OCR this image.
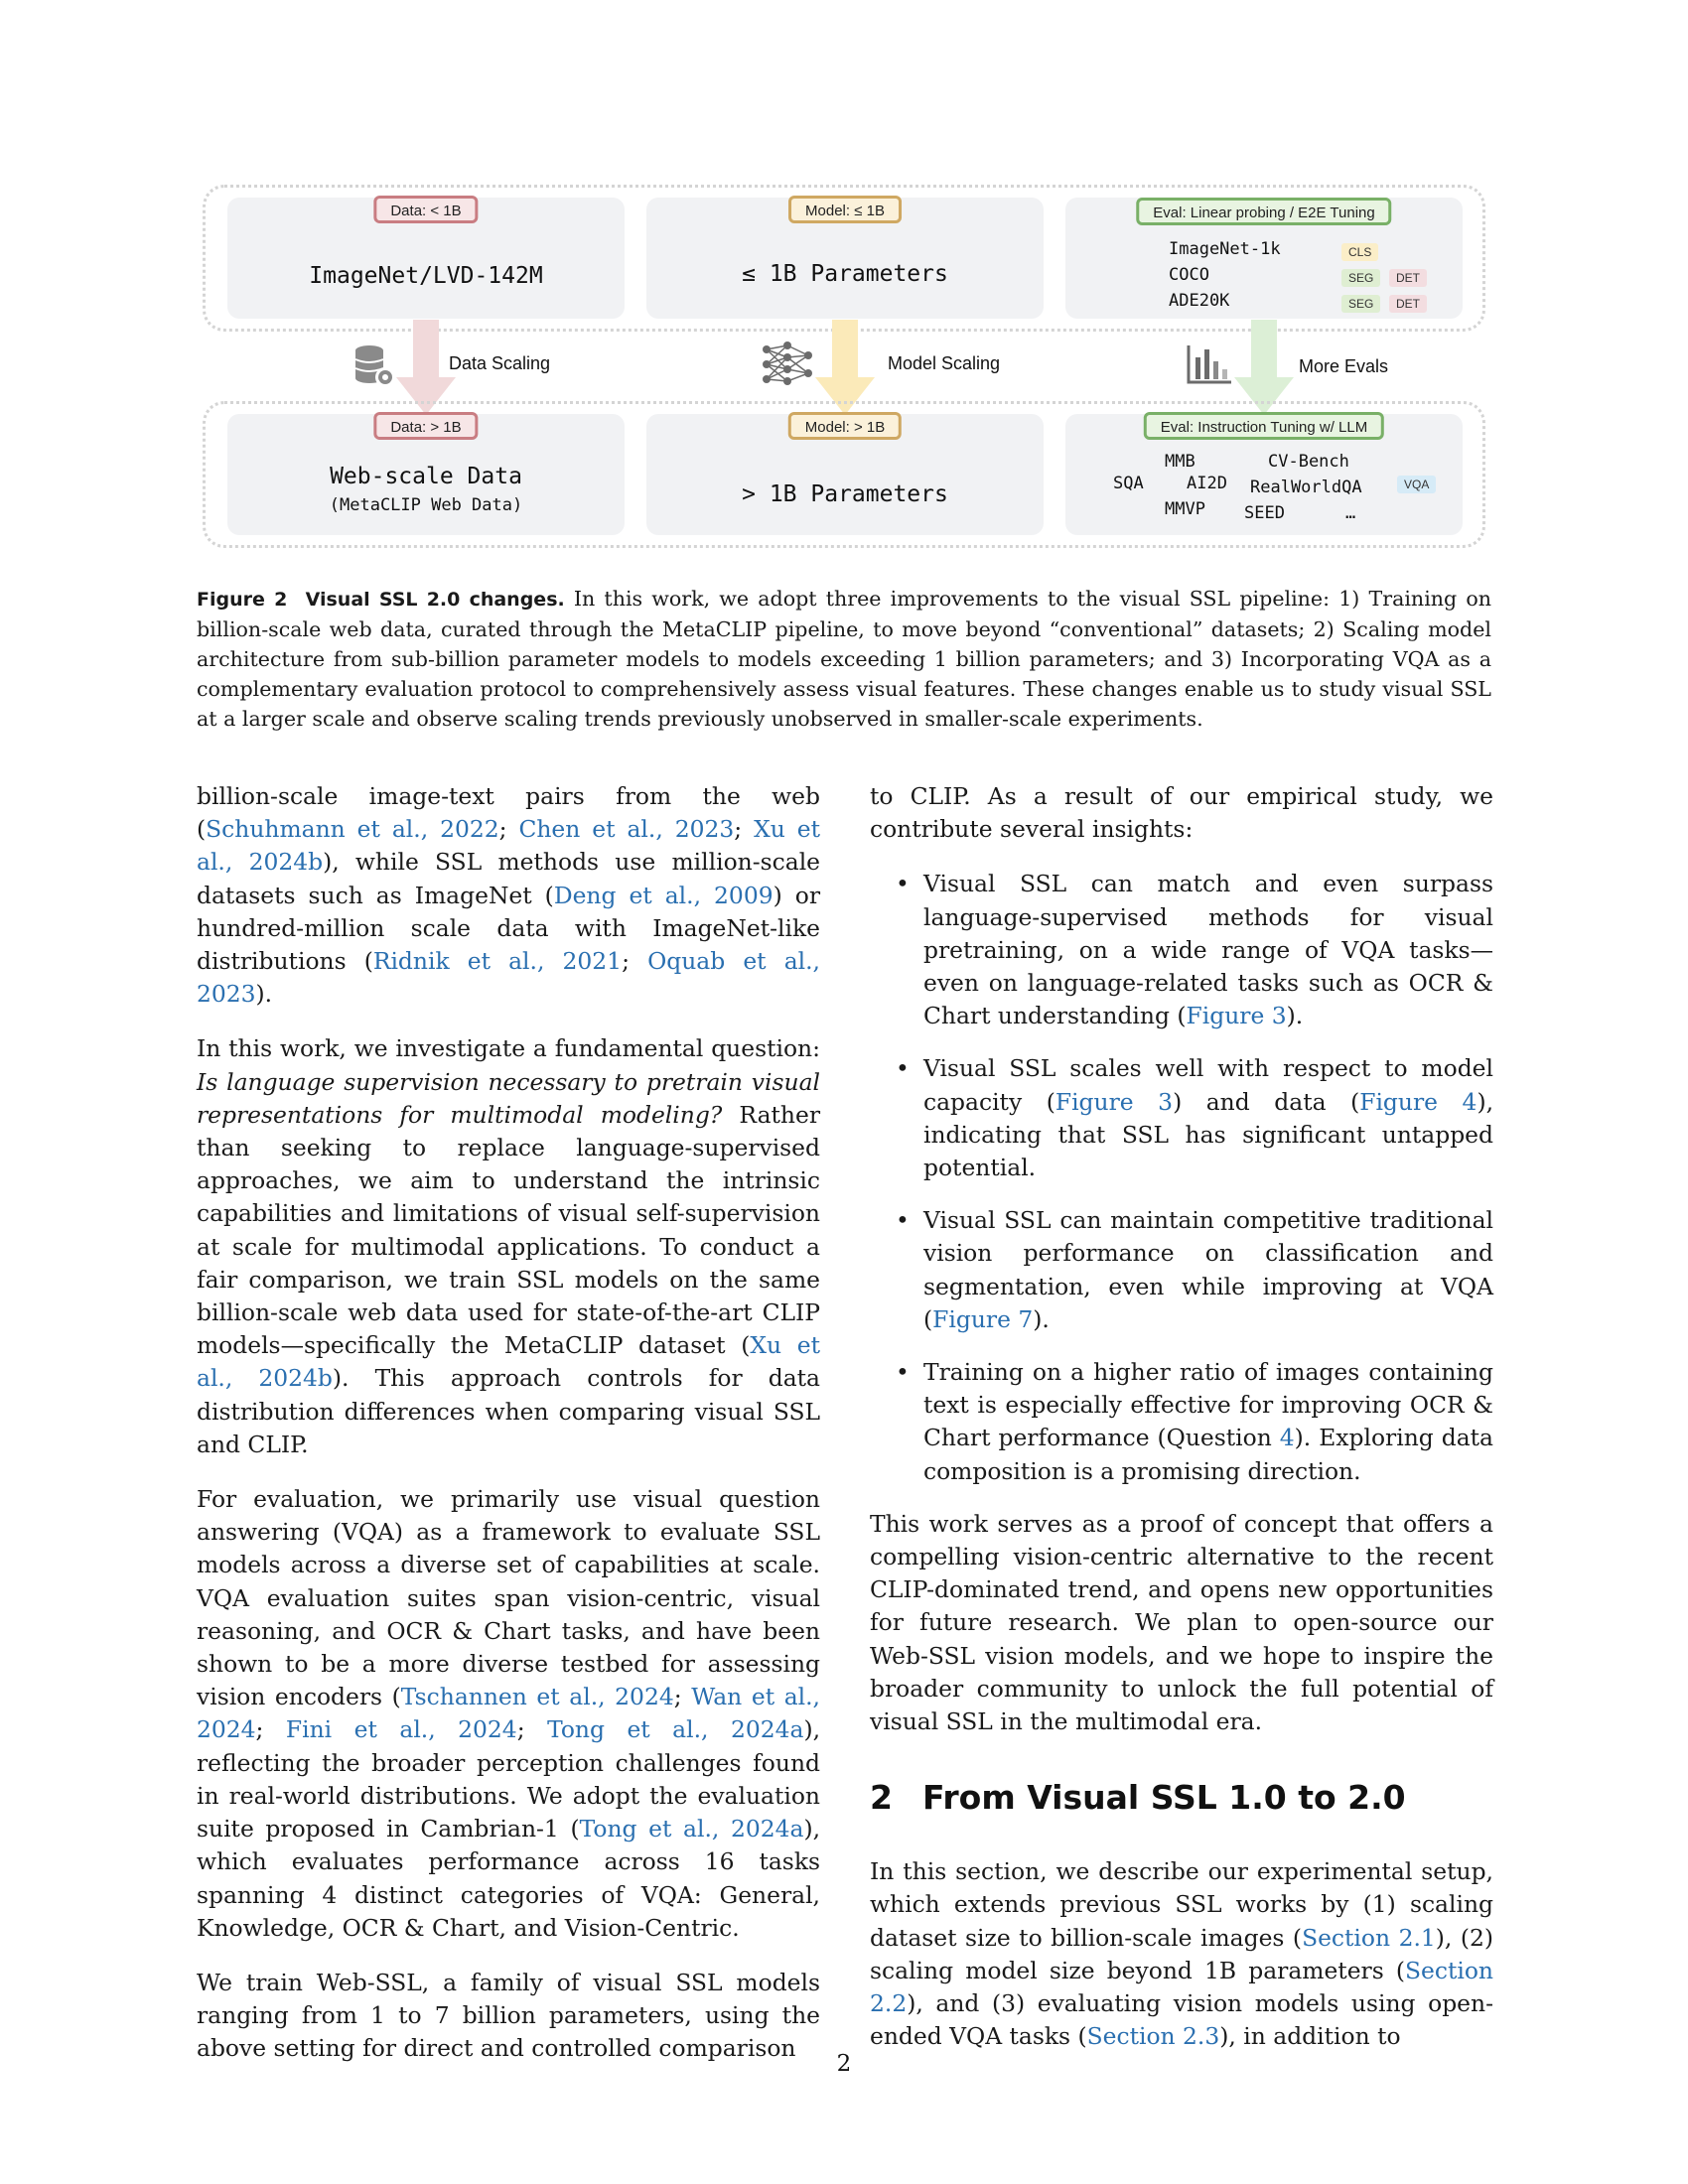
Data: < 1B
ImageNet/LVD-142M
Model: ≤ 1B
≤ 1B Parameters
Eval: Linear probing / E2E Tuning
ImageNet-1k
COCO
ADE20K
CLS
SEG	DET
SEG	DET
Data Scaling	Model Scaling	More Evals
Data: > 1B
Web-scale Data
(MetaCLIP Web Data)
Model: > 1B
> 1B Parameters
Eval: Instruction Tuning w/ LLM
MMB	CV-Bench
SQA	AI2D RealWorldQA
MMVP SEED	…
VQA
Figure 2 Visual SSL 2.0 changes. In this work, we adopt three improvements to the visual SSL pipeline: 1) Training on billion-scale web data, curated through the MetaCLIP pipeline, to move beyond “conventional” datasets; 2) Scaling model architecture from sub-billion parameter models to models exceeding 1 billion parameters; and 3) Incorporating VQA as a complementary evaluation protocol to comprehensively assess visual features. These changes enable us to study visual SSL at a larger scale and observe scaling trends previously unobserved in smaller-scale experiments.

billion-scale image-text pairs from the web (Schuhmann et al., 2022; Chen et al., 2023; Xu et al., 2024b), while SSL methods use million-scale datasets such as ImageNet (Deng et al., 2009) or hundred-million scale data with ImageNet-like distributions (Ridnik et al., 2021; Oquab et al., 2023).

In this work, we investigate a fundamental question: Is language supervision necessary to pretrain visual representations for multimodal modeling? Rather than seeking to replace language-supervised approaches, we aim to understand the intrinsic capabilities and limitations of visual self-supervision at scale for multimodal applications. To conduct a fair comparison, we train SSL models on the same billion-scale web data used for state-of-the-art CLIP models—specifically the MetaCLIP dataset (Xu et al., 2024b). This approach controls for data distribution differences when comparing visual SSL and CLIP.

For evaluation, we primarily use visual question answering (VQA) as a framework to evaluate SSL models across a diverse set of capabilities at scale. VQA evaluation suites span vision-centric, visual reasoning, and OCR & Chart tasks, and have been shown to be a more diverse testbed for assessing vision encoders (Tschannen et al., 2024; Wan et al., 2024; Fini et al., 2024; Tong et al., 2024a), reflecting the broader perception challenges found in real-world distributions. We adopt the evaluation suite proposed in Cambrian-1 (Tong et al., 2024a), which evaluates performance across 16 tasks spanning 4 distinct categories of VQA: General, Knowledge, OCR & Chart, and Vision-Centric.

We train Web-SSL, a family of visual SSL models ranging from 1 to 7 billion parameters, using the above setting for direct and controlled comparison

to CLIP. As a result of our empirical study, we contribute several insights:

• Visual SSL can match and even surpass language-supervised methods for visual pretraining, on a wide range of VQA tasks—even on language-related tasks such as OCR & Chart understanding (Figure 3).
• Visual SSL scales well with respect to model capacity (Figure 3) and data (Figure 4), indicating that SSL has significant untapped potential.
• Visual SSL can maintain competitive traditional vision performance on classification and segmentation, even while improving at VQA (Figure 7).
• Training on a higher ratio of images containing text is especially effective for improving OCR & Chart performance (Question 4). Exploring data composition is a promising direction.

This work serves as a proof of concept that offers a compelling vision-centric alternative to the recent CLIP-dominated trend, and opens new opportunities for future research. We plan to open-source our Web-SSL vision models, and we hope to inspire the broader community to unlock the full potential of visual SSL in the multimodal era.

2 From Visual SSL 1.0 to 2.0

In this section, we describe our experimental setup, which extends previous SSL works by (1) scaling dataset size to billion-scale images (Section 2.1), (2) scaling model size beyond 1B parameters (Section 2.2), and (3) evaluating vision models using open-ended VQA tasks (Section 2.3), in addition to

2
